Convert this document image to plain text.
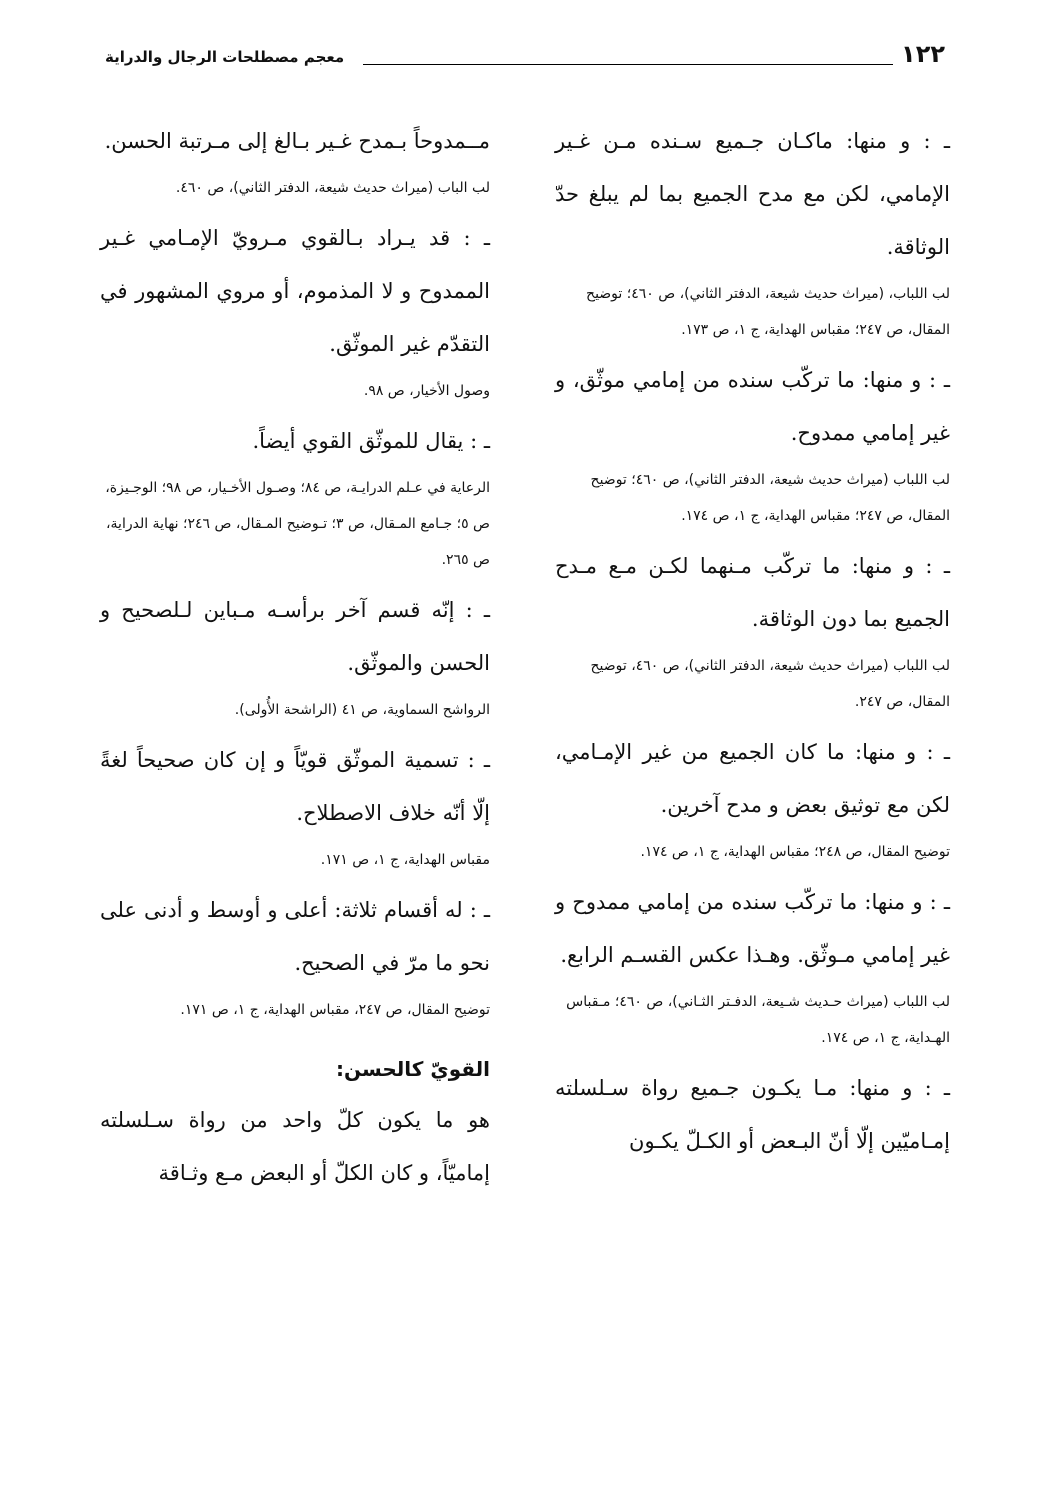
١٢٢
معجم مصطلحات الرجال والدراية

ـ : و منها: ماكـان جـميع سـنده مـن غـير الإمامي، لكن مع مدح الجميع بما لم يبلغ حدّ الوثاقة.

لب اللباب، (ميراث حديث شيعة، الدفتر الثاني)، ص ٤٦٠؛ توضيح المقال، ص ٢٤٧؛ مقباس الهداية، ج ١، ص ١٧٣.

ـ : و منها: ما تركّب سنده من إمامي موثّق، و غير إمامي ممدوح.

لب اللباب (ميراث حديث شيعة، الدفتر الثاني)، ص ٤٦٠؛ توضيح المقال، ص ٢٤٧؛ مقباس الهداية، ج ١، ص ١٧٤.

ـ : و منها: ما تركّب مـنهما لكـن مـع مـدح الجميع بما دون الوثاقة.

لب اللباب (ميراث حديث شيعة، الدفتر الثاني)، ص ٤٦٠، توضيح المقال، ص ٢٤٧.

ـ : و منها: ما كان الجميع من غير الإمـامي، لكن مع توثيق بعض و مدح آخرين.

توضيح المقال، ص ٢٤٨؛ مقباس الهداية، ج ١، ص ١٧٤.

ـ : و منها: ما تركّب سنده من إمامي ممدوح و غير إمامي مـوثّق. وهـذا عكس القسـم الرابع.

لب اللباب (ميراث حـديث شـيعة، الدفـتر الثـاني)، ص ٤٦٠؛ مـقباس الهـداية، ج ١، ص ١٧٤.

ـ : و منها: مـا يكـون جـميع رواة سـلسلته إمـاميّين إلّا أنّ البـعض أو الكـلّ يكـون

مــمدوحاً بـمدح غـير بـالغ إلى مـرتبة الحسن.

لب الباب (ميراث حديث شيعة، الدفتر الثاني)، ص ٤٦٠.

ـ : قد يـراد بـالقوي مـرويّ الإمـامي غـير الممدوح و لا المذموم، أو مروي المشهور في التقدّم غير الموثّق.

وصول الأخيار، ص ٩٨.

ـ : يقال للموثّق القوي أيضاً.

الرعاية في عـلم الدرايـة، ص ٨٤؛ وصـول الأخـيار، ص ٩٨؛ الوجـيزة، ص ٥؛ جـامع المـقال، ص ٣؛ تـوضيح المـقال، ص ٢٤٦؛ نهاية الدراية، ص ٢٦٥.

ـ : إنّه قسم آخر برأسـه مـباين لـلصحيح و الحسن والموثّق.

الرواشح السماوية، ص ٤١ (الراشحة الأُولى).

ـ : تسمية الموثّق قويّاً و إن كان صحيحاً لغةً إلّا أنّه خلاف الاصطلاح.

مقباس الهداية، ج ١، ص ١٧١.

ـ : له أقسام ثلاثة: أعلى و أوسط و أدنى على نحو ما مرّ في الصحيح.

توضيح المقال، ص ٢٤٧، مقباس الهداية، ج ١، ص ١٧١.

القويّ كالحسن:

هو ما يكون كلّ واحد من رواة سـلسلته إماميّاً، و كان الكلّ أو البعض مـع وثـاقة
